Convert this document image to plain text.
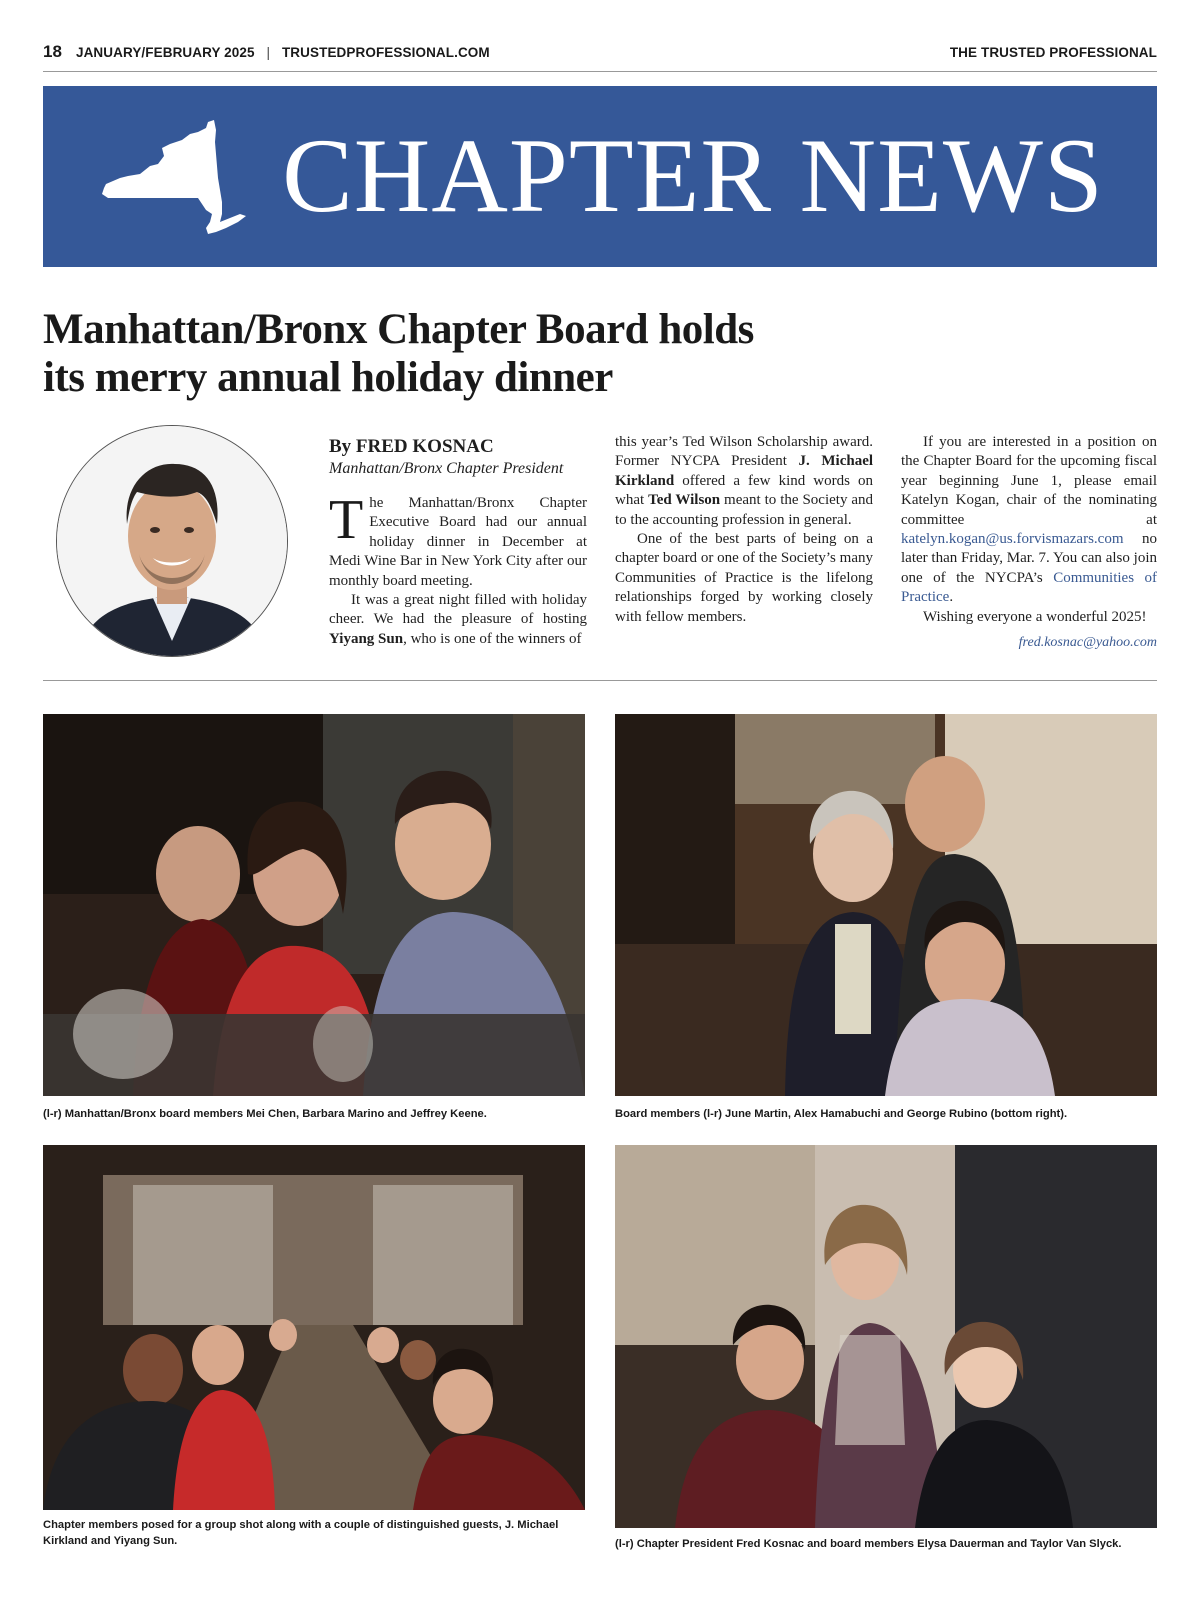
18 JANUARY/FEBRUARY 2025 | TRUSTEDPROFESSIONAL.COM	THE TRUSTED PROFESSIONAL
CHAPTER NEWS
Manhattan/Bronx Chapter Board holds
its merry annual holiday dinner
By FRED KOSNAC
Manhattan/Bronx Chapter President

The Manhattan/Bronx Chapter Executive Board had our annual holiday dinner in December at Medi Wine Bar in New York City after our monthly board meeting.

It was a great night filled with holiday cheer. We had the pleasure of hosting Yiyang Sun, who is one of the winners of

this year’s Ted Wilson Scholarship award. Former NYCPA President J. Michael Kirkland offered a few kind words on what Ted Wilson meant to the Society and to the accounting profession in general.

One of the best parts of being on a chapter board or one of the Society’s many Communities of Practice is the lifelong relationships forged by working closely with fellow members.

If you are interested in a position on the Chapter Board for the upcoming fiscal year beginning June 1, please email Katelyn Kogan, chair of the nominating committee at katelyn.kogan@us.forvismazars.com no later than Friday, Mar. 7. You can also join one of the NYCPA’s Communities of Practice.

Wishing everyone a wonderful 2025!

fred.kosnac@yahoo.com
(l-r) Manhattan/Bronx board members Mei Chen, Barbara Marino and Jeffrey Keene.	Board members (l-r) June Martin, Alex Hamabuchi and George Rubino (bottom right).
Chapter members posed for a group shot along with a couple of distinguished guests, J. Michael Kirkland and Yiyang Sun.	(l-r) Chapter President Fred Kosnac and board members Elysa Dauerman and Taylor Van Slyck.
